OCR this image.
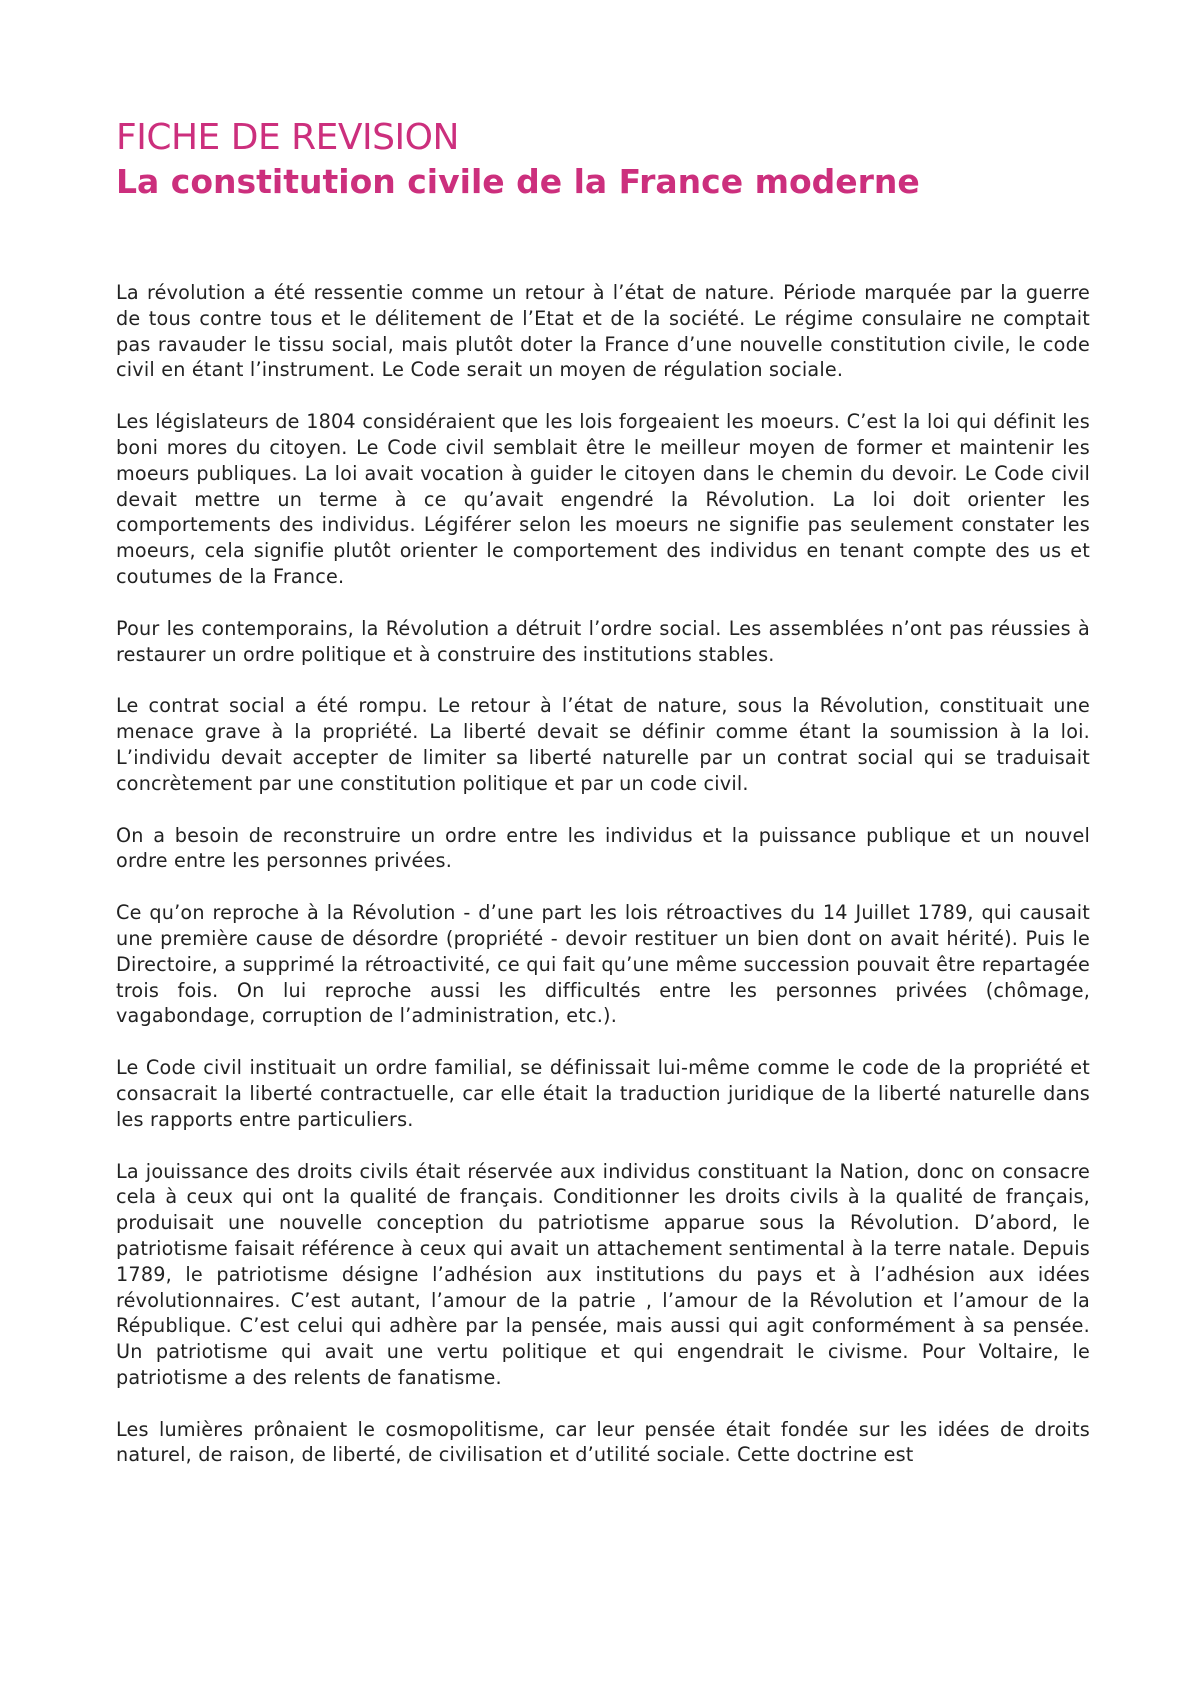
FICHE DE REVISION
La constitution civile de la France moderne

La révolution a été ressentie comme un retour à l’état de nature. Période marquée par la guerre de tous contre tous et le délitement de l’Etat et de la société. Le régime consulaire ne comptait pas ravauder le tissu social, mais plutôt doter la France d’une nouvelle constitution civile, le code civil en étant l’instrument. Le Code serait un moyen de régulation sociale.

Les législateurs de 1804 considéraient que les lois forgeaient les moeurs. C’est la loi qui définit les boni mores du citoyen. Le Code civil semblait être le meilleur moyen de former et maintenir les moeurs publiques. La loi avait vocation à guider le citoyen dans le chemin du devoir. Le Code civil devait mettre un terme à ce qu’avait engendré la Révolution. La loi doit orienter les comportements des individus. Légiférer selon les moeurs ne signifie pas seulement constater les moeurs, cela signifie plutôt orienter le comportement des individus en tenant compte des us et coutumes de la France.

Pour les contemporains, la Révolution a détruit l’ordre social. Les assemblées n’ont pas réussies à restaurer un ordre politique et à construire des institutions stables.

Le contrat social a été rompu. Le retour à l’état de nature, sous la Révolution, constituait une menace grave à la propriété. La liberté devait se définir comme étant la soumission à la loi. L’individu devait accepter de limiter sa liberté naturelle par un contrat social qui se traduisait concrètement par une constitution politique et par un code civil.

On a besoin de reconstruire un ordre entre les individus et la puissance publique et un nouvel ordre entre les personnes privées.

Ce qu’on reproche à la Révolution - d’une part les lois rétroactives du 14 Juillet 1789, qui causait une première cause de désordre (propriété - devoir restituer un bien dont on avait hérité). Puis le Directoire, a supprimé la rétroactivité, ce qui fait qu’une même succession pouvait être repartagée trois fois. On lui reproche aussi les difficultés entre les personnes privées (chômage, vagabondage, corruption de l’administration, etc.).

Le Code civil instituait un ordre familial, se définissait lui-même comme le code de la propriété et consacrait la liberté contractuelle, car elle était la traduction juridique de la liberté naturelle dans les rapports entre particuliers.

La jouissance des droits civils était réservée aux individus constituant la Nation, donc on consacre cela à ceux qui ont la qualité de français. Conditionner les droits civils à la qualité de français, produisait une nouvelle conception du patriotisme apparue sous la Révolution. D’abord, le patriotisme faisait référence à ceux qui avait un attachement sentimental à la terre natale. Depuis 1789, le patriotisme désigne l’adhésion aux institutions du pays et à l’adhésion aux idées révolutionnaires. C’est autant, l’amour de la patrie , l’amour de la Révolution et l’amour de la République. C’est celui qui adhère par la pensée, mais aussi qui agit conformément à sa pensée. Un patriotisme qui avait une vertu politique et qui engendrait le civisme. Pour Voltaire, le patriotisme a des relents de fanatisme.

Les lumières prônaient le cosmopolitisme, car leur pensée était fondée sur les idées de droits naturel, de raison, de liberté, de civilisation et d’utilité sociale. Cette doctrine est
